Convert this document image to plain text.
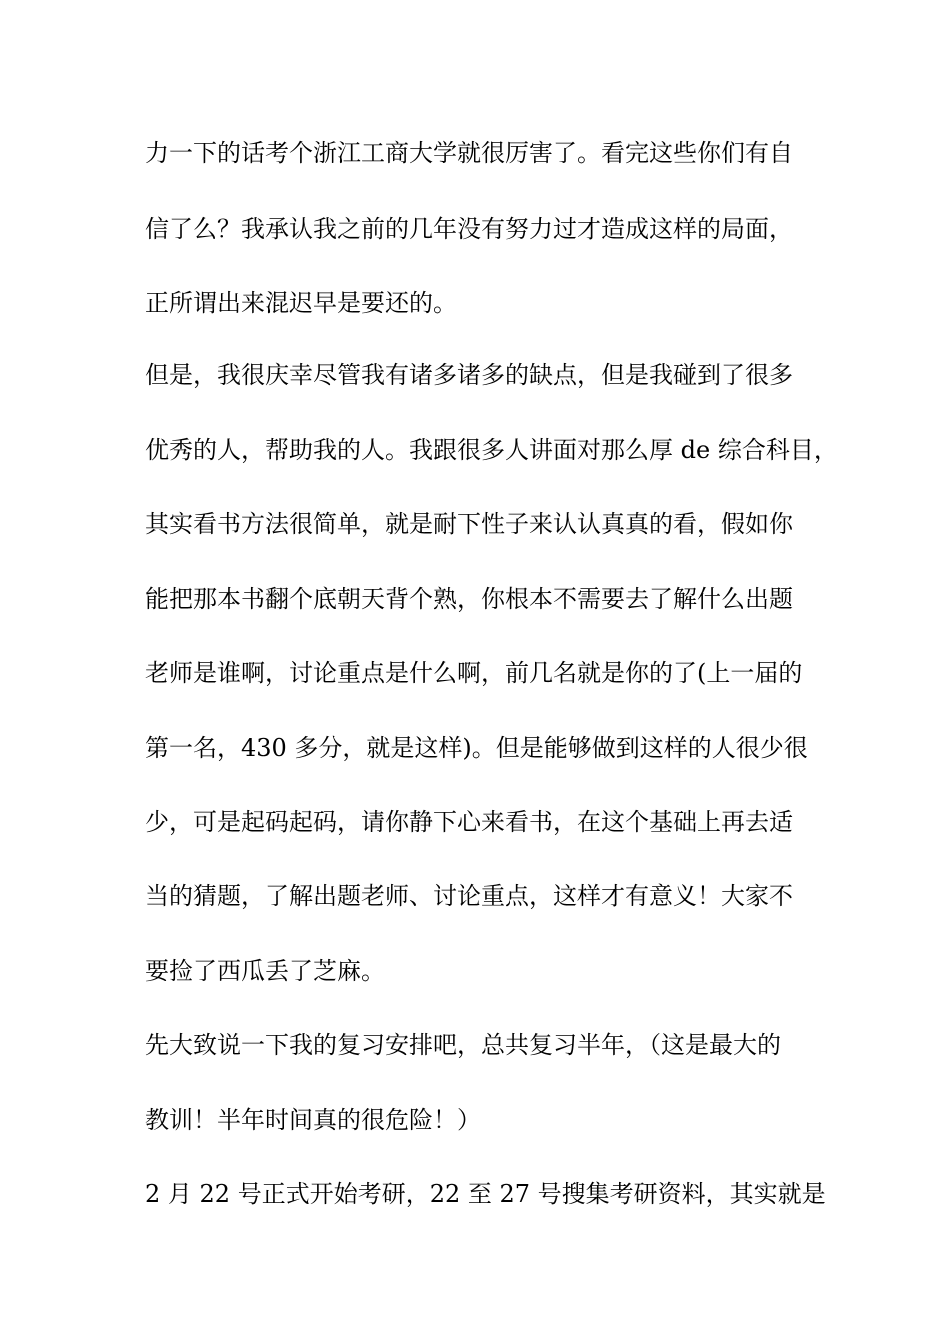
力一下的话考个浙江工商大学就很厉害了。看完这些你们有自
信了么？我承认我之前的几年没有努力过才造成这样的局面，
正所谓出来混迟早是要还的。
但是，我很庆幸尽管我有诸多诸多的缺点，但是我碰到了很多
优秀的人，帮助我的人。我跟很多人讲面对那么厚 de 综合科目，
其实看书方法很简单，就是耐下性子来认认真真的看，假如你
能把那本书翻个底朝天背个熟，你根本不需要去了解什么出题
老师是谁啊，讨论重点是什么啊，前几名就是你的了(上一届的
第一名，430 多分，就是这样)。但是能够做到这样的人很少很
少，可是起码起码，请你静下心来看书，在这个基础上再去适
当的猜题，了解出题老师、讨论重点，这样才有意义！大家不
要捡了西瓜丢了芝麻。
先大致说一下我的复习安排吧，总共复习半年，（这是最大的
教训！半年时间真的很危险！）
2 月 22 号正式开始考研，22 至 27 号搜集考研资料，其实就是
